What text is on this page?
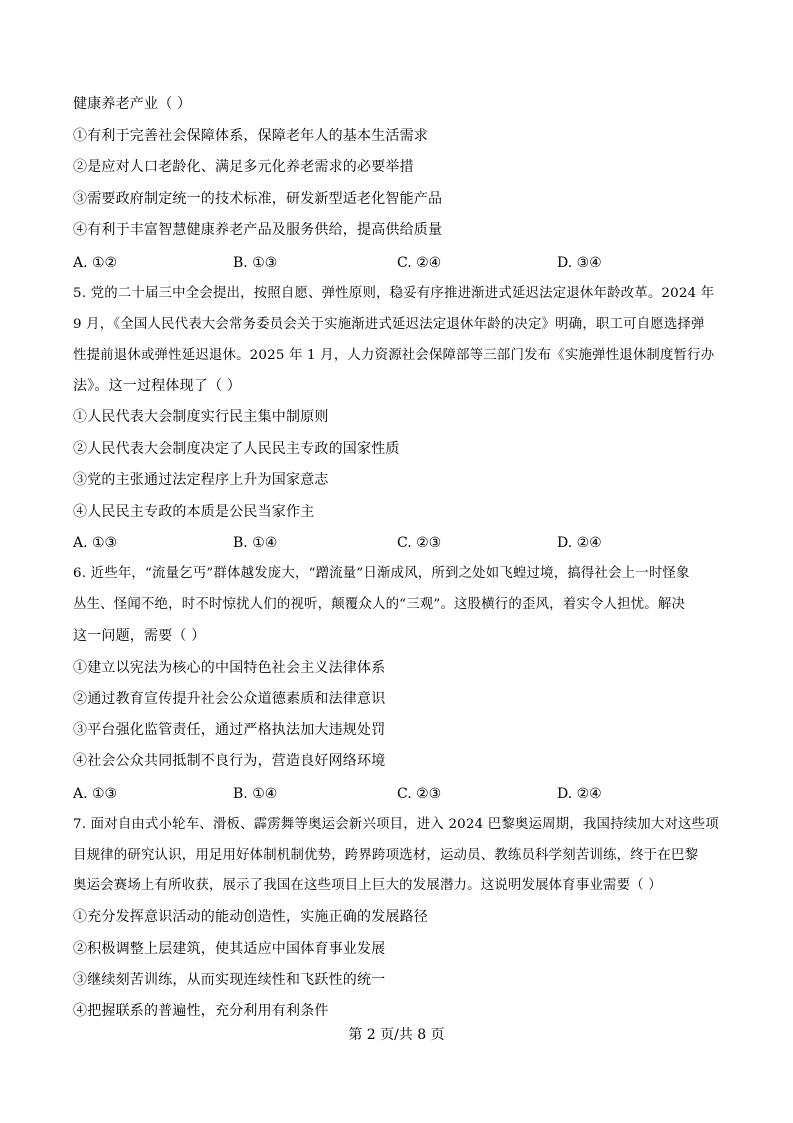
健康养老产业（ ）
①有利于完善社会保障体系，保障老年人的基本生活需求
②是应对人口老龄化、满足多元化养老需求的必要举措
③需要政府制定统一的技术标准，研发新型适老化智能产品
④有利于丰富智慧健康养老产品及服务供给，提高供给质量
A. ①②	B. ①③	C. ②④	D. ③④
5. 党的二十届三中全会提出，按照自愿、弹性原则，稳妥有序推进渐进式延迟法定退休年龄改革。2024 年
9 月，《全国人民代表大会常务委员会关于实施渐进式延迟法定退休年龄的决定》明确，职工可自愿选择弹
性提前退休或弹性延迟退休。2025 年 1 月，人力资源社会保障部等三部门发布《实施弹性退休制度暂行办
法》。这一过程体现了（ ）
①人民代表大会制度实行民主集中制原则
②人民代表大会制度决定了人民民主专政的国家性质
③党的主张通过法定程序上升为国家意志
④人民民主专政的本质是公民当家作主
A. ①③	B. ①④	C. ②③	D. ②④
6. 近些年，“流量乞丐”群体越发庞大，“蹭流量”日渐成风，所到之处如飞蝗过境，搞得社会上一时怪象
丛生、怪闻不绝，时不时惊扰人们的视听，颠覆众人的“三观”。这股横行的歪风，着实令人担忧。解决
这一问题，需要（ ）
①建立以宪法为核心的中国特色社会主义法律体系
②通过教育宣传提升社会公众道德素质和法律意识
③平台强化监管责任，通过严格执法加大违规处罚
④社会公众共同抵制不良行为，营造良好网络环境
A. ①③	B. ①④	C. ②③	D. ②④
7. 面对自由式小轮车、滑板、霹雳舞等奥运会新兴项目，进入 2024 巴黎奥运周期，我国持续加大对这些项
目规律的研究认识，用足用好体制机制优势，跨界跨项选材，运动员、教练员科学刻苦训练，终于在巴黎
奥运会赛场上有所收获，展示了我国在这些项目上巨大的发展潜力。这说明发展体育事业需要（ ）
①充分发挥意识活动的能动创造性，实施正确的发展路径
②积极调整上层建筑，使其适应中国体育事业发展
③继续刻苦训练，从而实现连续性和飞跃性的统一
④把握联系的普遍性，充分利用有利条件
第 2 页/共 8 页
